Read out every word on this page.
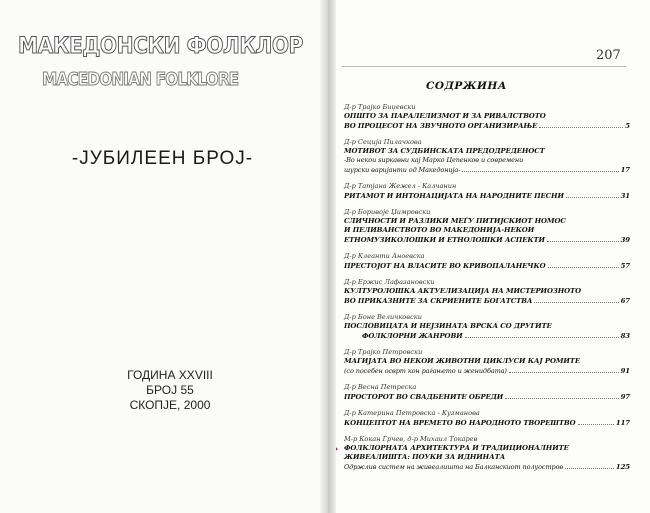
МАКЕДОНСКИ ФОЛКЛОР
MACEDONIAN FOLKLORE
-ЈУБИЛЕЕН БРОЈ-
ГОДИНА XXVIII
БРОЈ 55
СКОПЈЕ, 2000
207
СОДРЖИНА
Д-р Трајко Биџевски
ОПШТО ЗА ПАРАЛЕЛИЗМОТ И ЗА РИВАЛСТВОТО
ВО ПРОЦЕСОТ НА ЗВУЧНОТО ОРГАНИЗИРАЊЕ	5
Д-р Сеција Пилачкова
МОТИВОТ ЗА СУДБИНСКАТА ПРЕДОДРЕДЕНОСТ
-Во некои ѕиркавни кај Марко Цепенков и современи
шурски варијанти од Македонија-	17
Д-р Татјана Жежел - Калчанин
РИТАМОТ И ИНТОНАЦИЈАТА НА НАРОДНИТЕ ПЕСНИ	31
Д-р Боривоје Џимровски
СЛИЧНОСТИ И РАЗЛИКИ МЕЃУ ПИТИЈСКИОТ НОМОС
И ПЕЛИВАНСТВОТО ВО МАКЕДОНИЈА-НЕКОИ
ЕТНОМУЗИКОЛОШКИ И ЕТНОЛОШКИ АСПЕКТИ	39
Д-р Клеанти Аноевска
ПРЕСТОЈОТ НА ВЛАСИТЕ ВО КРИВОПАЛАНЕЧКО	57
Д-р Ержис Лафазановски
КУЛТУРОЛОШКА АКТУЕЛИЗАЦИЈА НА МИСТЕРИОЗНОТО
ВО ПРИКАЗНИТЕ ЗА СКРИЕНИТЕ БОГАТСТВА	67
Д-р Боне Величковски
ПОСЛОВИЦАТА И НЕЈЗИНАТА ВРСКА СО ДРУГИТЕ
ФОЛКЛОРНИ ЖАНРОВИ	83
Д-р Трајко Петровски
МАГИЈАТА ВО НЕКОИ ЖИВОТНИ ЦИКЛУСИ КАЈ РОМИТЕ
(со посебен осврт кон раѓањето и женидбата)	91
Д-р Весна Петреска
ПРОСТОРОТ ВО СВАДБЕНИТЕ ОБРЕДИ	97
Д-р Катерина Петровска - Кузманова
КОНЦЕПТОТ НА ВРЕМЕТО ВО НАРОДНОТО ТВОРЕШТВО	117
М-р Кокан Грчев, д-р Михаил Токарев
ФОЛКЛОРНАТА АРХИТЕКТУРА И ТРАДИЦИОНАЛНИТЕ
ЖИВЕАЛИШТА: ПОУКИ ЗА ИДНИНАТА
Одржлив систем на живеалишта на Балканскиот полуостров	125
